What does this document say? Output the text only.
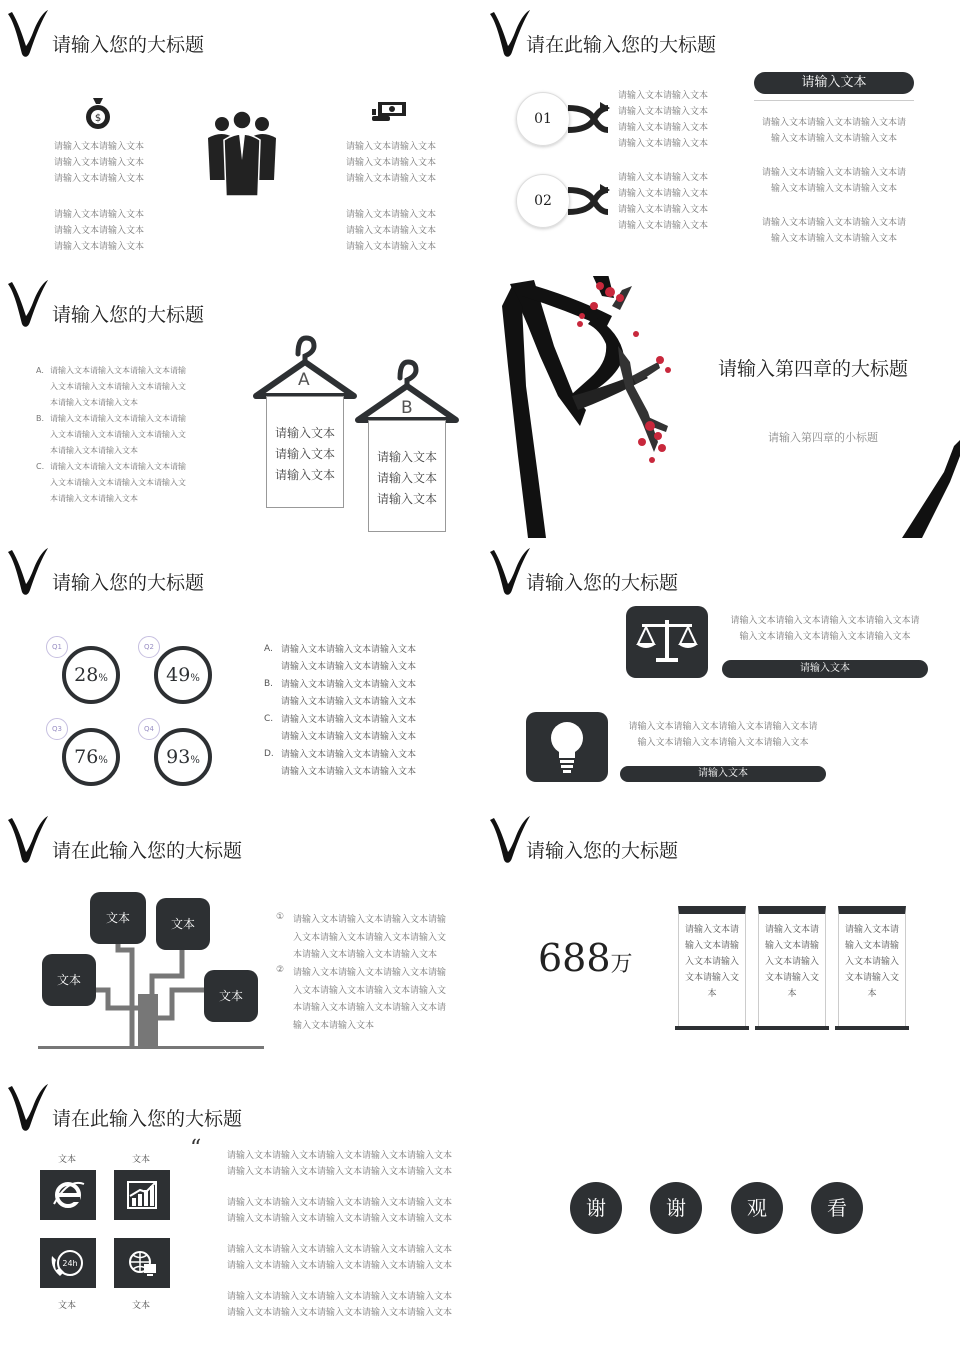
请输入您的大标题
$
请输入文本请输入文本
请输入文本请输入文本
请输入文本请输入文本
请输入文本请输入文本
请输入文本请输入文本
请输入文本请输入文本
请输入文本请输入文本
请输入文本请输入文本
请输入文本请输入文本
请输入文本请输入文本
请输入文本请输入文本
请输入文本请输入文本
请在此输入您的大标题
01
请输入文本请输入文本
请输入文本请输入文本
请输入文本请输入文本
请输入文本请输入文本
02
请输入文本请输入文本
请输入文本请输入文本
请输入文本请输入文本
请输入文本请输入文本
请输入文本
请输入文本请输入文本请输入文本请
输入文本请输入文本请输入文本
请输入文本请输入文本请输入文本请
输入文本请输入文本请输入文本
请输入文本请输入文本请输入文本请
输入文本请输入文本请输入文本
请输入您的大标题
A. 请输入文本请输入文本请输入文本请输
入文本请输入文本请输入文本请输入文
本请输入文本请输入文本
B. 请输入文本请输入文本请输入文本请输
入文本请输入文本请输入文本请输入文
本请输入文本请输入文本
C. 请输入文本请输入文本请输入文本请输
入文本请输入文本请输入文本请输入文
本请输入文本请输入文本
A
请输入文本
请输入文本
请输入文本
B
请输入文本
请输入文本
请输入文本
请输入第四章的大标题
请输入第四章的小标题
请输入您的大标题
28%
Q1
49%
Q2
76%
Q3
93%
Q4
A. 请输入文本请输入文本请输入文本
请输入文本请输入文本请输入文本
B. 请输入文本请输入文本请输入文本
请输入文本请输入文本请输入文本
C. 请输入文本请输入文本请输入文本
请输入文本请输入文本请输入文本
D. 请输入文本请输入文本请输入文本
请输入文本请输入文本请输入文本
请输入您的大标题
请输入文本请输入文本请输入文本请输入文本请
输入文本请输入文本请输入文本请输入文本
请输入文本
请输入文本请输入文本请输入文本请输入文本请
输入文本请输入文本请输入文本请输入文本
请输入文本
请在此输入您的大标题
文本	文本
文本
文本
① 请输入文本请输入文本请输入文本请输
入文本请输入文本请输入文本请输入文
本请输入文本请输入文本请输入文本
② 请输入文本请输入文本请输入文本请输
入文本请输入文本请输入文本请输入文
本请输入文本请输入文本请输入文本请
输入文本请输入文本
请输入您的大标题
688万
请输入文本请
输入文本请输
入文本请输入
文本请输入文
本
请输入文本请
输入文本请输
入文本请输入
文本请输入文
本
请输入文本请
输入文本请输
入文本请输入
文本请输入文
本
请在此输入您的大标题
文本	文本
24h
文本	文本
“	请输入文本请输入文本请输入文本请输入文本请输入文本
请输入文本请输入文本请输入文本请输入文本请输入文本
请输入文本请输入文本请输入文本请输入文本请输入文本
请输入文本请输入文本请输入文本请输入文本请输入文本
请输入文本请输入文本请输入文本请输入文本请输入文本
请输入文本请输入文本请输入文本请输入文本请输入文本
请输入文本请输入文本请输入文本请输入文本请输入文本
请输入文本请输入文本请输入文本请输入文本请输入文本
谢	谢	观	看
